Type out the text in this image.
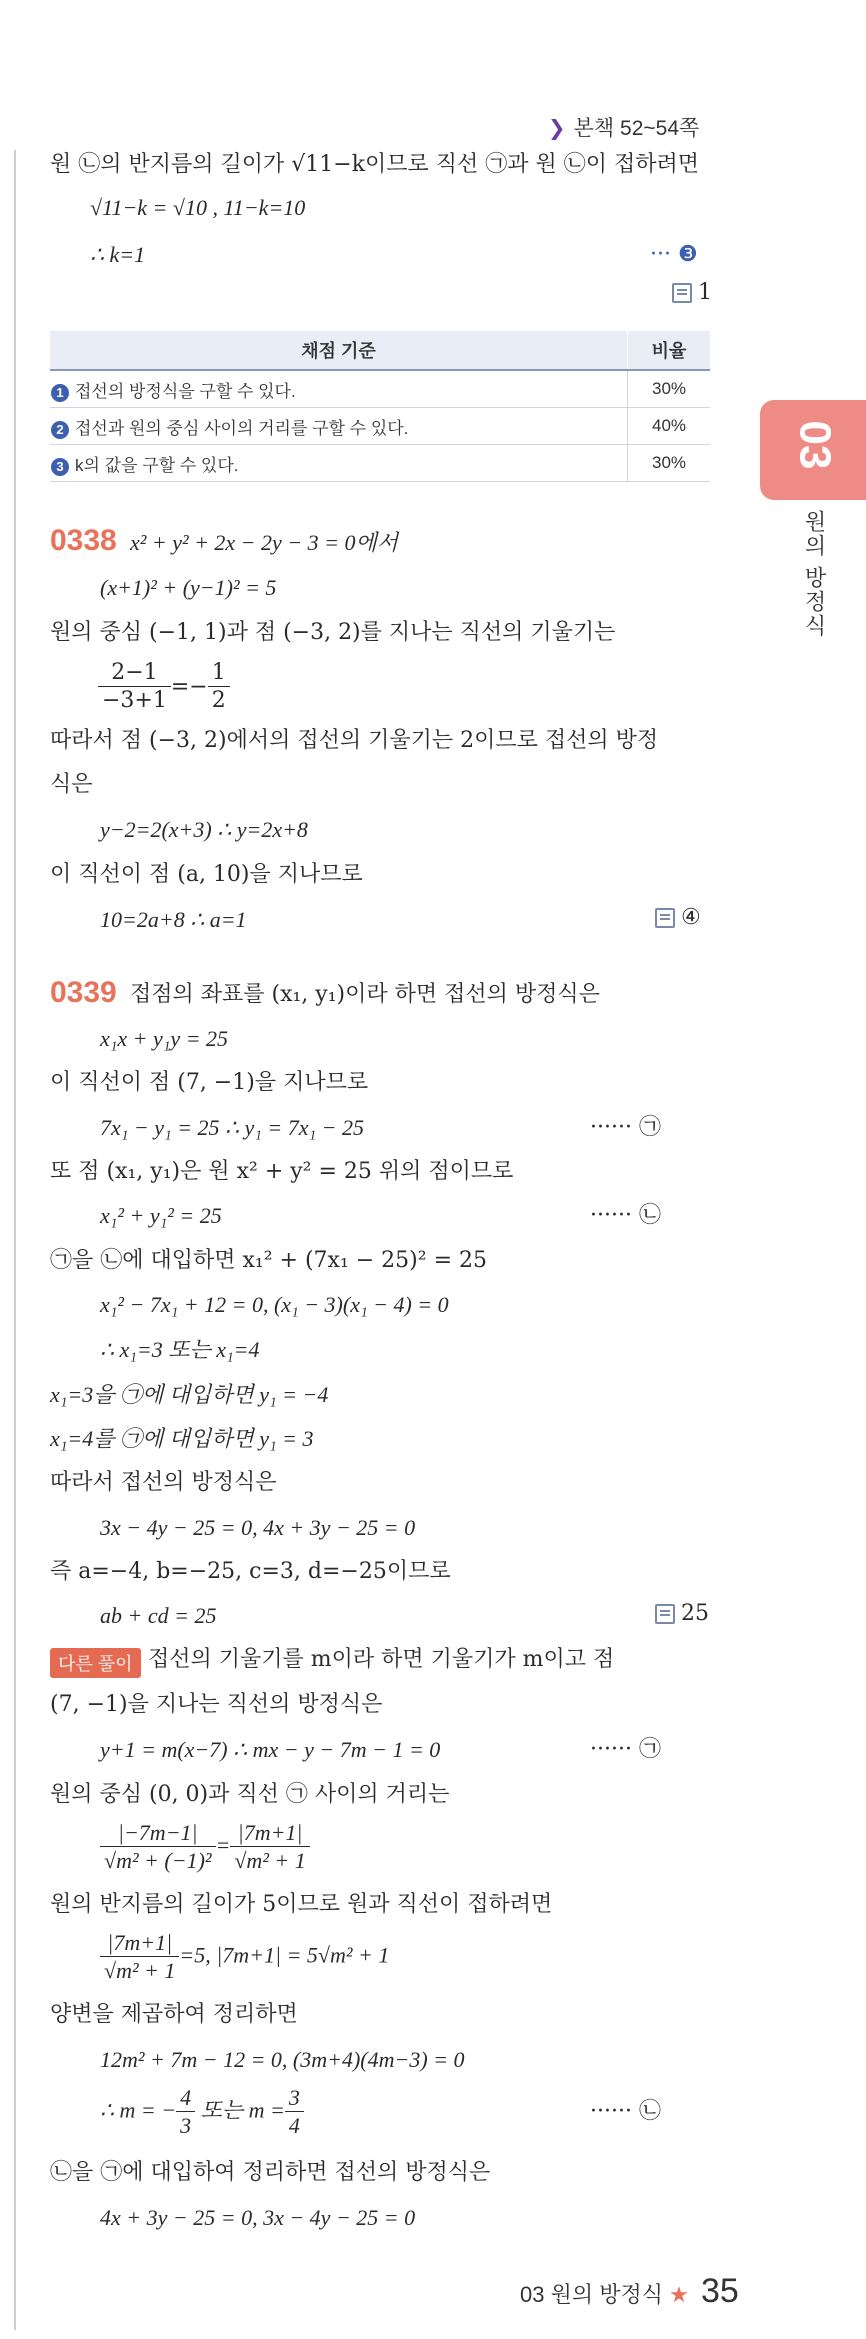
❯ 본책 52~54쪽
원 ㉡의 반지름의 길이가 √11−k이므로 직선 ㉠과 원 ㉡이 접하려면
√11−k = √10 , 11−k=10
∴ k=1	··· ❸
1
채점 기준	비율
1 접선의 방정식을 구할 수 있다.	30%
2 접선과 원의 중심 사이의 거리를 구할 수 있다.	40%
3 k의 값을 구할 수 있다.	30% 03
원의 방정식
0338 x² + y² + 2x − 2y − 3 = 0에서
(x+1)² + (y−1)² = 5
원의 중심 (−1, 1)과 점 (−3, 2)를 지나는 직선의 기울기는
$\frac{2-1}{-3+1} =- \frac{1}{2}$
따라서 점 (−3, 2)에서의 접선의 기울기는 2이므로 접선의 방정
식은
y−2=2(x+3) ∴ y=2x+8
이 직선이 점 (a, 10)을 지나므로
10=2a+8 ∴ a=1	④
0339 접점의 좌표를 (x₁, y₁)이라 하면 접선의 방정식은
x₁x + y₁y = 25
이 직선이 점 (7, −1)을 지나므로
7x₁ − y₁ = 25 ∴ y₁ = 7x₁ − 25	······ ㉠
또 점 (x₁, y₁)은 원 x² + y² = 25 위의 점이므로
x₁² + y₁² = 25	······ ㉡
㉠을 ㉡에 대입하면 x₁² + (7x₁ − 25)² = 25
x₁² − 7x₁ + 12 = 0, (x₁ − 3)(x₁ − 4) = 0
∴ x₁=3 또는 x₁=4
x₁=3을 ㉠에 대입하면 y₁ = −4
x₁=4를 ㉠에 대입하면 y₁ = 3
따라서 접선의 방정식은
3x − 4y − 25 = 0, 4x + 3y − 25 = 0
즉 a=−4, b=−25, c=3, d=−25이므로
ab + cd = 25	25
다른 풀이 접선의 기울기를 m이라 하면 기울기가 m이고 점
(7, −1)을 지나는 직선의 방정식은
y+1 = m(x−7) ∴ mx − y − 7m − 1 = 0	······ ㉠
원의 중심 (0, 0)과 직선 ㉠ 사이의 거리는
$\frac{|-7m-1|}{\text{√m² + (−1)²}} = \frac{|7m+1|}{\text{√m² + 1}}$
원의 반지름의 길이가 5이므로 원과 직선이 접하려면
$\frac{|7m+1|}{\text{√m² + 1}} =5$, |7m+1| = 5√m² + 1
양변을 제곱하여 정리하면
12m² + 7m − 12 = 0, (3m+4)(4m−3) = 0
∴ m = − $\frac{4}{3}$ 또는 $m = \frac{3}{4}$	······ ㉡
㉡을 ㉠에 대입하여 정리하면 접선의 방정식은
4x + 3y − 25 = 0, 3x − 4y − 25 = 0
03 원의 방정식 ★ 35
